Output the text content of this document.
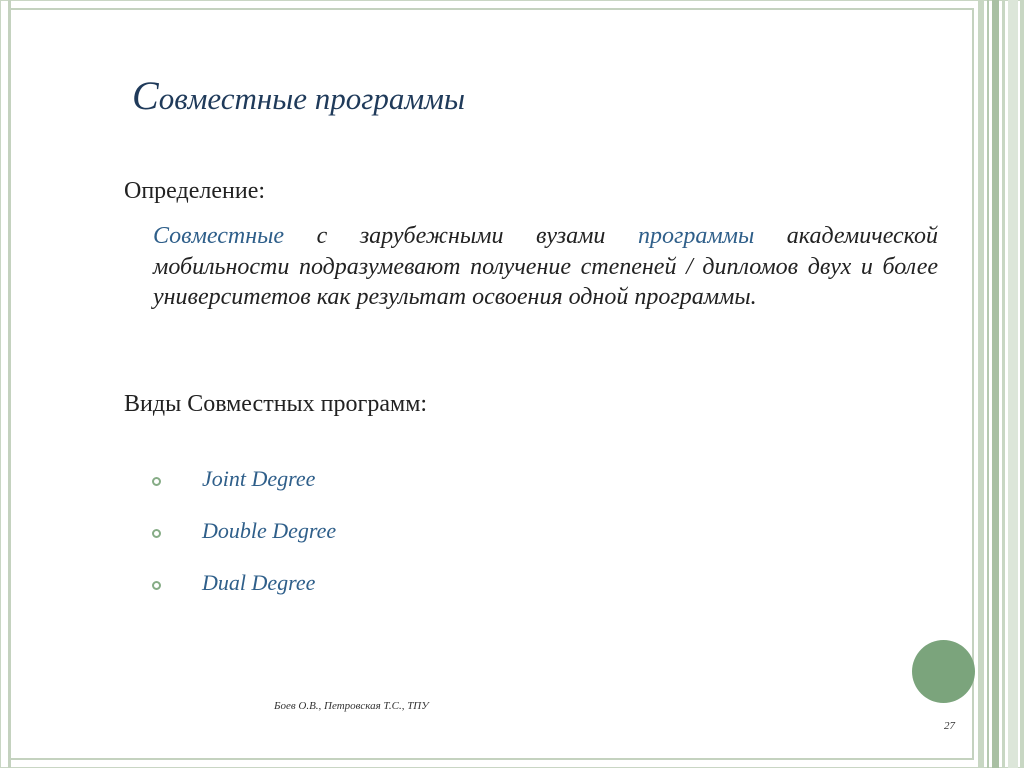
Совместные программы

Определение:

Совместные с зарубежными вузами программы академической мобильности подразумевают получение степеней / дипломов двух и более университетов как результат освоения одной программы.

Виды Совместных программ:

Joint Degree
Double Degree
Dual Degree
Боев О.В., Петровская Т.С., ТПУ
27
